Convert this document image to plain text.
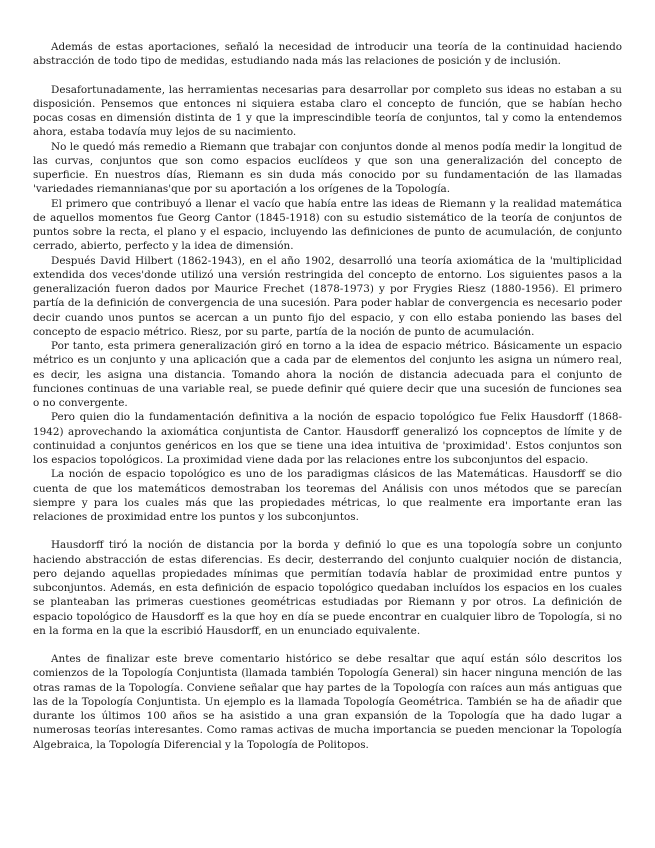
Además de estas aportaciones, señaló la necesidad de introducir una teoría de la continuidad haciendo abstracción de todo tipo de medidas, estudiando nada más las relaciones de posición y de inclusión.

Desafortunadamente, las herramientas necesarias para desarrollar por completo sus ideas no estaban a su disposición. Pensemos que entonces ni siquiera estaba claro el concepto de función, que se habían hecho pocas cosas en dimensión distinta de 1 y que la imprescindible teoría de conjuntos, tal y como la entendemos ahora, estaba todavía muy lejos de su nacimiento.

No le quedó más remedio a Riemann que trabajar con conjuntos donde al menos podía medir la longitud de las curvas, conjuntos que son como espacios euclídeos y que son una generalización del concepto de superficie. En nuestros días, Riemann es sin duda más conocido por su fundamentación de las llamadas 'variedades riemannianas'que por su aportación a los orígenes de la Topología.

El primero que contribuyó a llenar el vacío que había entre las ideas de Riemann y la realidad matemática de aquellos momentos fue Georg Cantor (1845-1918) con su estudio sistemático de la teoría de conjuntos de puntos sobre la recta, el plano y el espacio, incluyendo las definiciones de punto de acumulación, de conjunto cerrado, abierto, perfecto y la idea de dimensión.

Después David Hilbert (1862-1943), en el año 1902, desarrolló una teoría axiomática de la 'multiplicidad extendida dos veces'donde utilizó una versión restringida del concepto de entorno. Los siguientes pasos a la generalización fueron dados por Maurice Frechet (1878-1973) y por Frygies Riesz (1880-1956). El primero partía de la definición de convergencia de una sucesión. Para poder hablar de convergencia es necesario poder decir cuando unos puntos se acercan a un punto fijo del espacio, y con ello estaba poniendo las bases del concepto de espacio métrico. Riesz, por su parte, partía de la noción de punto de acumulación.

Por tanto, esta primera generalización giró en torno a la idea de espacio métrico. Básicamente un espacio métrico es un conjunto y una aplicación que a cada par de elementos del conjunto les asigna un número real, es decir, les asigna una distancia. Tomando ahora la noción de distancia adecuada para el conjunto de funciones continuas de una variable real, se puede definir qué quiere decir que una sucesión de funciones sea o no convergente.

Pero quien dio la fundamentación definitiva a la noción de espacio topológico fue Felix Hausdorff (1868-1942) aprovechando la axiomática conjuntista de Cantor. Hausdorff generalizó los copnceptos de límite y de continuidad a conjuntos genéricos en los que se tiene una idea intuitiva de 'proximidad'. Estos conjuntos son los espacios topológicos. La proximidad viene dada por las relaciones entre los subconjuntos del espacio.

La noción de espacio topológico es uno de los paradigmas clásicos de las Matemáticas. Hausdorff se dio cuenta de que los matemáticos demostraban los teoremas del Análisis con unos métodos que se parecían siempre y para los cuales más que las propiedades métricas, lo que realmente era importante eran las relaciones de proximidad entre los puntos y los subconjuntos.

Hausdorff tiró la noción de distancia por la borda y definió lo que es una topología sobre un conjunto haciendo abstracción de estas diferencias. Es decir, desterrando del conjunto cualquier noción de distancia, pero dejando aquellas propiedades mínimas que permitían todavía hablar de proximidad entre puntos y subconjuntos. Además, en esta definición de espacio topológico quedaban incluídos los espacios en los cuales se planteaban las primeras cuestiones geométricas estudiadas por Riemann y por otros. La definición de espacio topológico de Hausdorff es la que hoy en día se puede encontrar en cualquier libro de Topología, si no en la forma en la que la escribió Hausdorff, en un enunciado equivalente.

Antes de finalizar este breve comentario histórico se debe resaltar que aquí están sólo descritos los comienzos de la Topología Conjuntista (llamada también Topología General) sin hacer ninguna mención de las otras ramas de la Topología. Conviene señalar que hay partes de la Topología con raíces aun más antiguas que las de la Topología Conjuntista. Un ejemplo es la llamada Topología Geométrica. También se ha de añadir que durante los últimos 100 años se ha asistido a una gran expansión de la Topología que ha dado lugar a numerosas teorías interesantes. Como ramas activas de mucha importancia se pueden mencionar la Topología Algebraica, la Topología Diferencial y la Topología de Politopos.
